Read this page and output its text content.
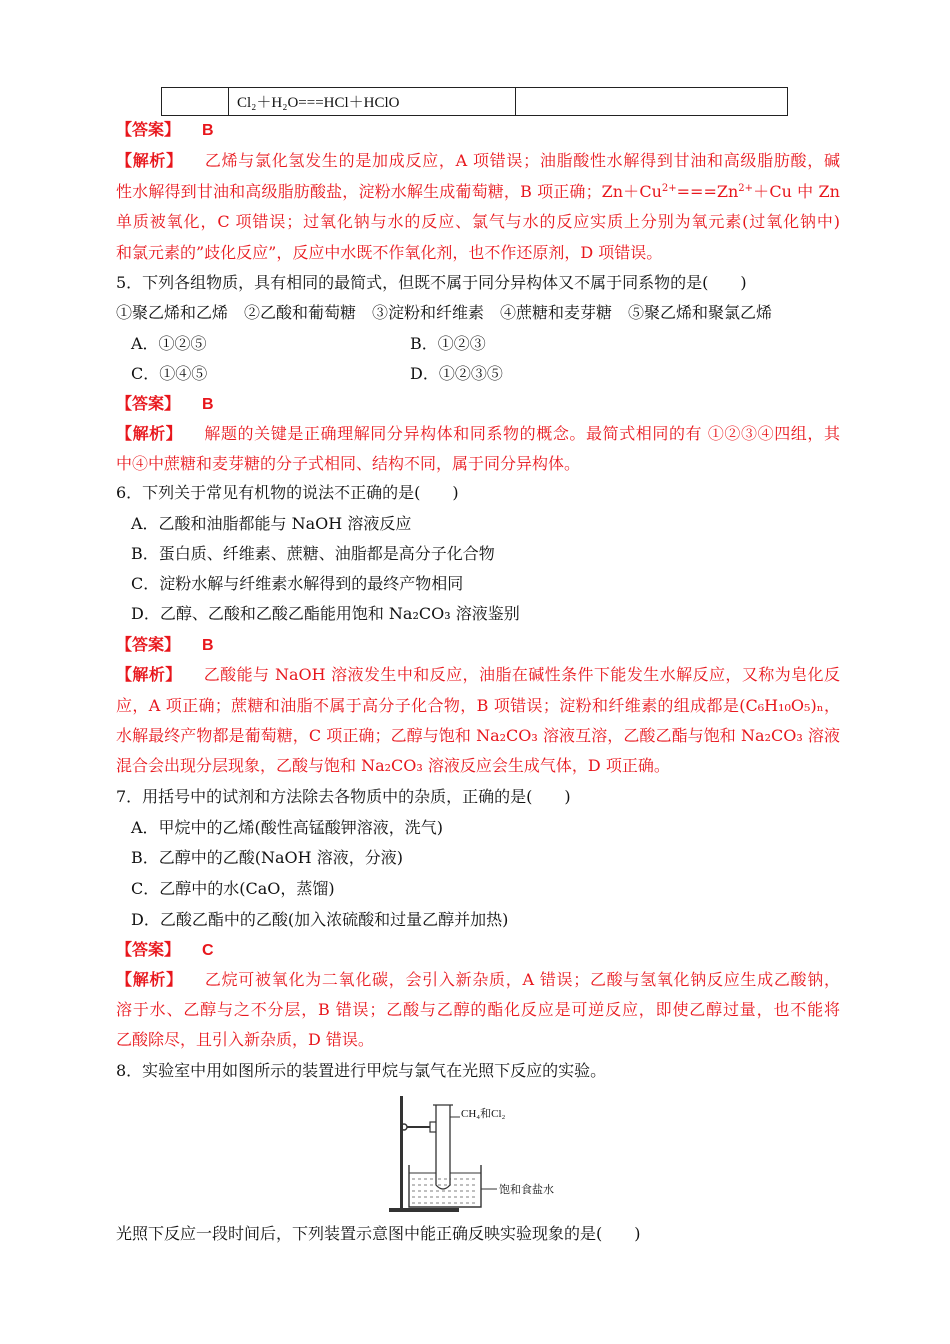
	Cl₂＋H₂O===HCl＋HClO	
【答案】 B
【解析】 乙烯与氯化氢发生的是加成反应，A 项错误；油脂酸性水解得到甘油和高级脂肪酸，碱
性水解得到甘油和高级脂肪酸盐，淀粉水解生成葡萄糖，B 项正确；$Zn+Cu^{2+}===Zn^{2+}+Cu$ 中 Zn
单质被氧化，C 项错误；过氧化钠与水的反应、氯气与水的反应实质上分别为氧元素(过氧化钠中)
和氯元素的”歧化反应”，反应中水既不作氧化剂，也不作还原剂，D 项错误。
5．下列各组物质，具有相同的最简式，但既不属于同分异构体又不属于同系物的是(　　)
①聚乙烯和乙烯　②乙酸和葡萄糖　③淀粉和纤维素　④蔗糖和麦芽糖　⑤聚乙烯和聚氯乙烯
A．①②⑤	B．①②③
C．①④⑤	D．①②③⑤
【答案】 B
【解析】 解题的关键是正确理解同分异构体和同系物的概念。最简式相同的有 ①②③④四组，其
中④中蔗糖和麦芽糖的分子式相同、结构不同，属于同分异构体。
6．下列关于常见有机物的说法不正确的是(　　)
A．乙酸和油脂都能与 NaOH 溶液反应
B．蛋白质、纤维素、蔗糖、油脂都是高分子化合物
C．淀粉水解与纤维素水解得到的最终产物相同
D．乙醇、乙酸和乙酸乙酯能用饱和 Na₂CO₃ 溶液鉴别
【答案】 B
【解析】 乙酸能与 NaOH 溶液发生中和反应，油脂在碱性条件下能发生水解反应，又称为皂化反
应，A 项正确；蔗糖和油脂不属于高分子化合物，B 项错误；淀粉和纤维素的组成都是(C₆H₁₀O₅)ₙ，
水解最终产物都是葡萄糖，C 项正确；乙醇与饱和 Na₂CO₃ 溶液互溶，乙酸乙酯与饱和 Na₂CO₃ 溶液
混合会出现分层现象，乙酸与饱和 Na₂CO₃ 溶液反应会生成气体，D 项正确。
7．用括号中的试剂和方法除去各物质中的杂质，正确的是(　　)
A．甲烷中的乙烯(酸性高锰酸钾溶液，洗气)
B．乙醇中的乙酸(NaOH 溶液，分液)
C．乙醇中的水(CaO，蒸馏)
D．乙酸乙酯中的乙酸(加入浓硫酸和过量乙醇并加热)
【答案】 C
【解析】 乙烷可被氧化为二氧化碳，会引入新杂质，A 错误；乙酸与氢氧化钠反应生成乙酸钠，
溶于水、乙醇与之不分层，B 错误；乙酸与乙醇的酯化反应是可逆反应，即使乙醇过量，也不能将
乙酸除尽，且引入新杂质，D 错误。
8．实验室中用如图所示的装置进行甲烷与氯气在光照下反应的实验。
CH₄和Cl₂
饱和食盐水
光照下反应一段时间后，下列装置示意图中能正确反映实验现象的是(　　)
